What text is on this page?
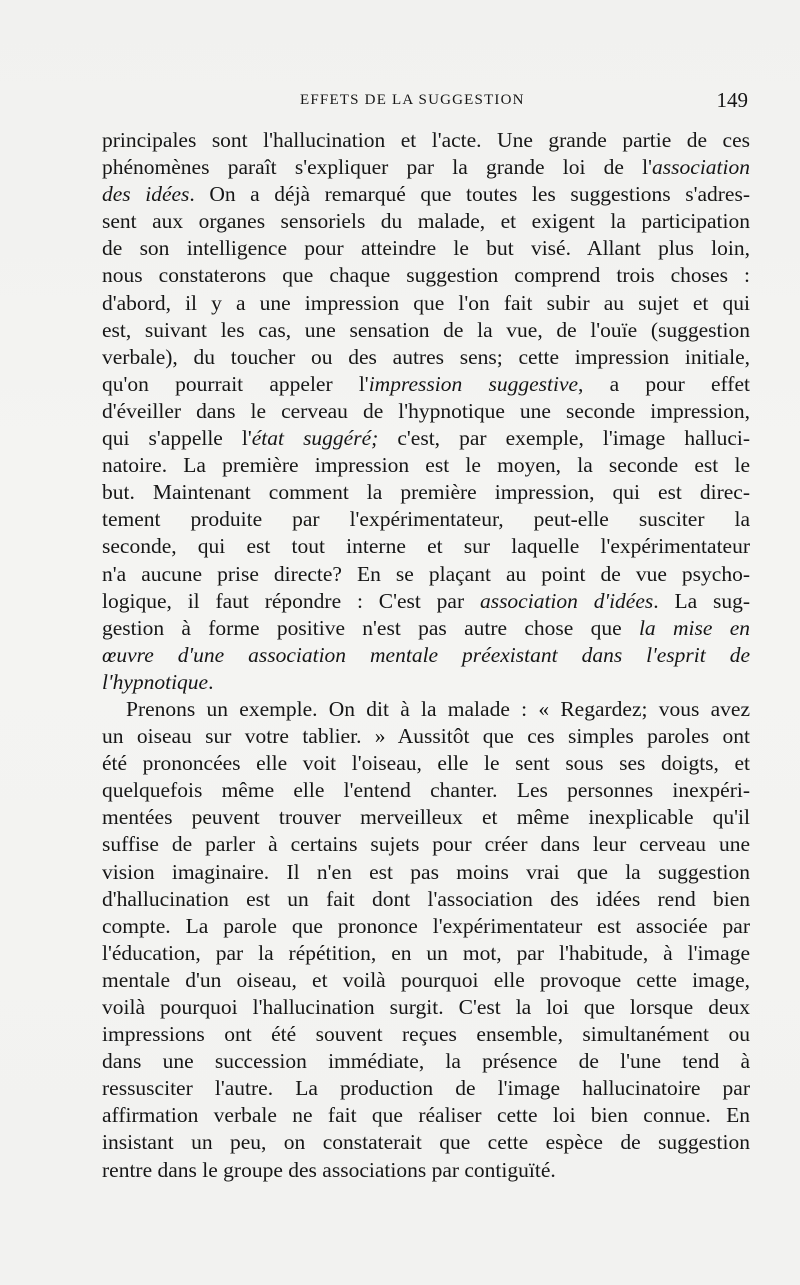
EFFETS DE LA SUGGESTION	149
principales sont l'hallucination et l'acte. Une grande partie de ces
phénomènes paraît s'expliquer par la grande loi de l'association
des idées. On a déjà remarqué que toutes les suggestions s'adres-
sent aux organes sensoriels du malade, et exigent la participation
de son intelligence pour atteindre le but visé. Allant plus loin,
nous constaterons que chaque suggestion comprend trois choses :
d'abord, il y a une impression que l'on fait subir au sujet et qui
est, suivant les cas, une sensation de la vue, de l'ouïe (suggestion
verbale), du toucher ou des autres sens; cette impression initiale,
qu'on pourrait appeler l'impression suggestive, a pour effet
d'éveiller dans le cerveau de l'hypnotique une seconde impression,
qui s'appelle l'état suggéré; c'est, par exemple, l'image halluci-
natoire. La première impression est le moyen, la seconde est le
but. Maintenant comment la première impression, qui est direc-
tement produite par l'expérimentateur, peut-elle susciter la
seconde, qui est tout interne et sur laquelle l'expérimentateur
n'a aucune prise directe? En se plaçant au point de vue psycho-
logique, il faut répondre : C'est par association d'idées. La sug-
gestion à forme positive n'est pas autre chose que la mise en
œuvre d'une association mentale préexistant dans l'esprit de
l'hypnotique.
Prenons un exemple. On dit à la malade : « Regardez; vous avez
un oiseau sur votre tablier. » Aussitôt que ces simples paroles ont
été prononcées elle voit l'oiseau, elle le sent sous ses doigts, et
quelquefois même elle l'entend chanter. Les personnes inexpéri-
mentées peuvent trouver merveilleux et même inexplicable qu'il
suffise de parler à certains sujets pour créer dans leur cerveau une
vision imaginaire. Il n'en est pas moins vrai que la suggestion
d'hallucination est un fait dont l'association des idées rend bien
compte. La parole que prononce l'expérimentateur est associée par
l'éducation, par la répétition, en un mot, par l'habitude, à l'image
mentale d'un oiseau, et voilà pourquoi elle provoque cette image,
voilà pourquoi l'hallucination surgit. C'est la loi que lorsque deux
impressions ont été souvent reçues ensemble, simultanément ou
dans une succession immédiate, la présence de l'une tend à
ressusciter l'autre. La production de l'image hallucinatoire par
affirmation verbale ne fait que réaliser cette loi bien connue. En
insistant un peu, on constaterait que cette espèce de suggestion
rentre dans le groupe des associations par contiguïté.
